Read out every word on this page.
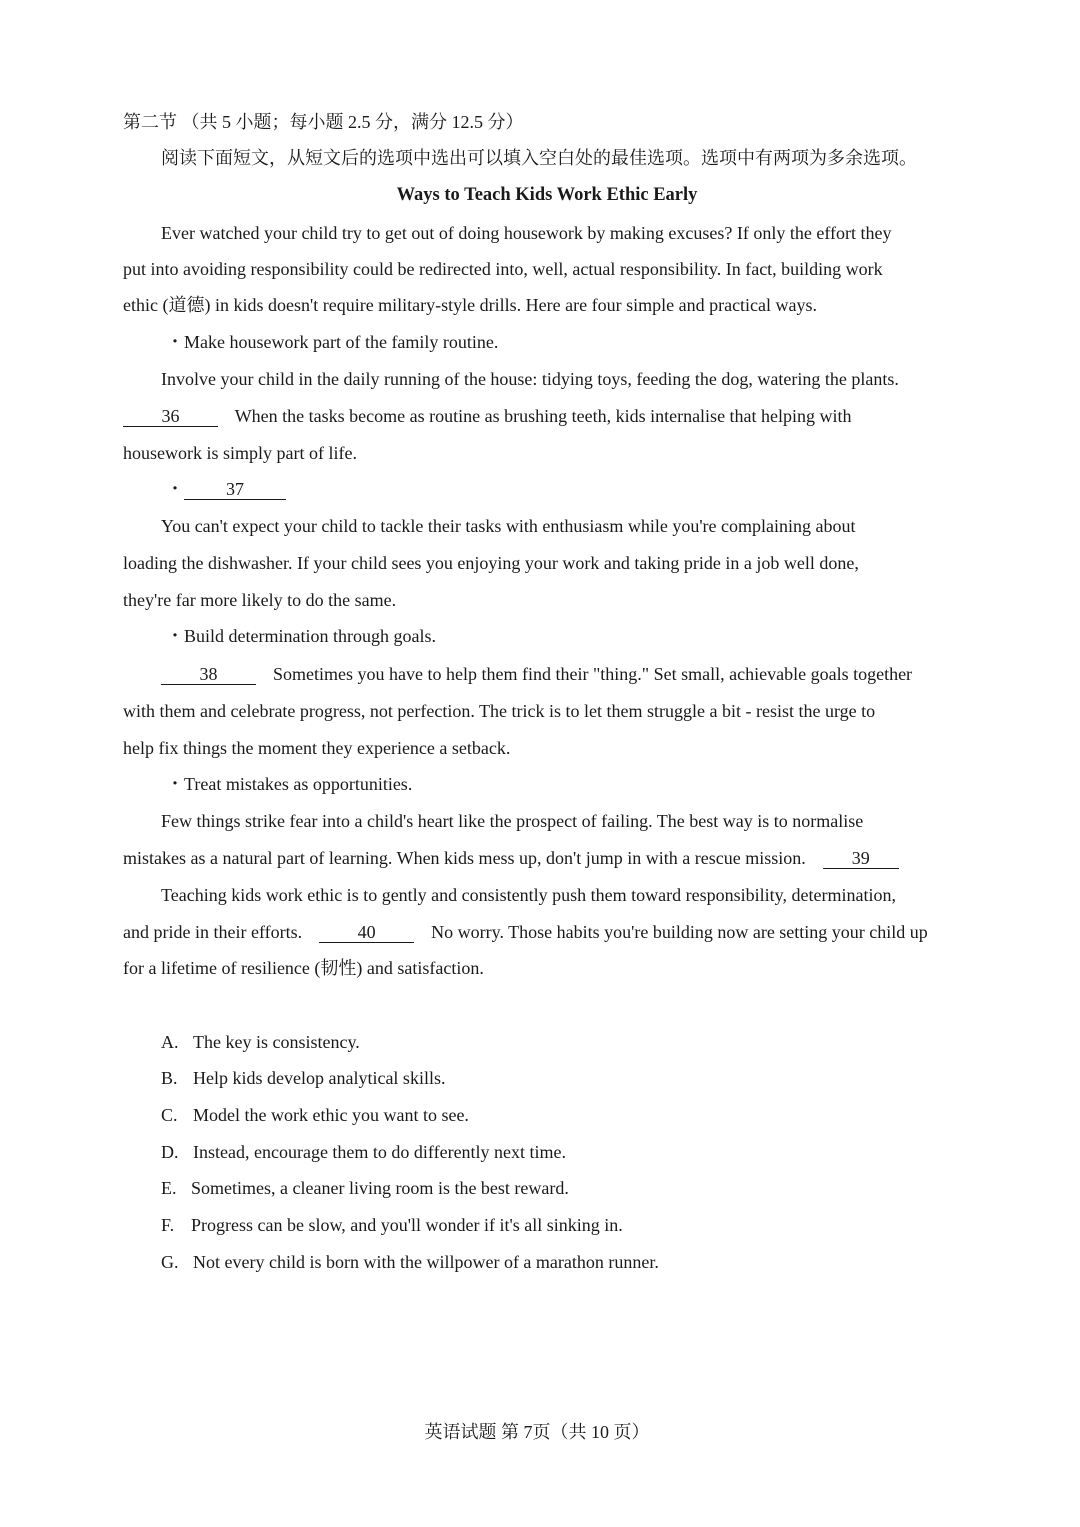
第二节 （共 5 小题；每小题 2.5 分，满分 12.5 分）
阅读下面短文，从短文后的选项中选出可以填入空白处的最佳选项。选项中有两项为多余选项。
Ways to Teach Kids Work Ethic Early
Ever watched your child try to get out of doing housework by making excuses? If only the effort they
put into avoiding responsibility could be redirected into, well, actual responsibility. In fact, building work
ethic (道德) in kids doesn't require military-style drills. Here are four simple and practical ways.
・Make housework part of the family routine.
Involve your child in the daily running of the house: tidying toys, feeding the dog, watering the plants.
36	When the tasks become as routine as brushing teeth, kids internalise that helping with
housework is simply part of life.
・ 37
You can't expect your child to tackle their tasks with enthusiasm while you're complaining about
loading the dishwasher. If your child sees you enjoying your work and taking pride in a job well done,
they're far more likely to do the same.
・Build determination through goals.
38	Sometimes you have to help them find their "thing." Set small, achievable goals together
with them and celebrate progress, not perfection. The trick is to let them struggle a bit - resist the urge to
help fix things the moment they experience a setback.
・Treat mistakes as opportunities.
Few things strike fear into a child's heart like the prospect of failing. The best way is to normalise
mistakes as a natural part of learning. When kids mess up, don't jump in with a rescue mission.	39
Teaching kids work ethic is to gently and consistently push them toward responsibility, determination,
and pride in their efforts.	40	No worry. Those habits you're building now are setting your child up
for a lifetime of resilience (韧性) and satisfaction.
A. The key is consistency.
B. Help kids develop analytical skills.
C. Model the work ethic you want to see.
D. Instead, encourage them to do differently next time.
E. Sometimes, a cleaner living room is the best reward.
F. Progress can be slow, and you'll wonder if it's all sinking in.
G. Not every child is born with the willpower of a marathon runner.
英语试题 第 7页（共 10 页）
